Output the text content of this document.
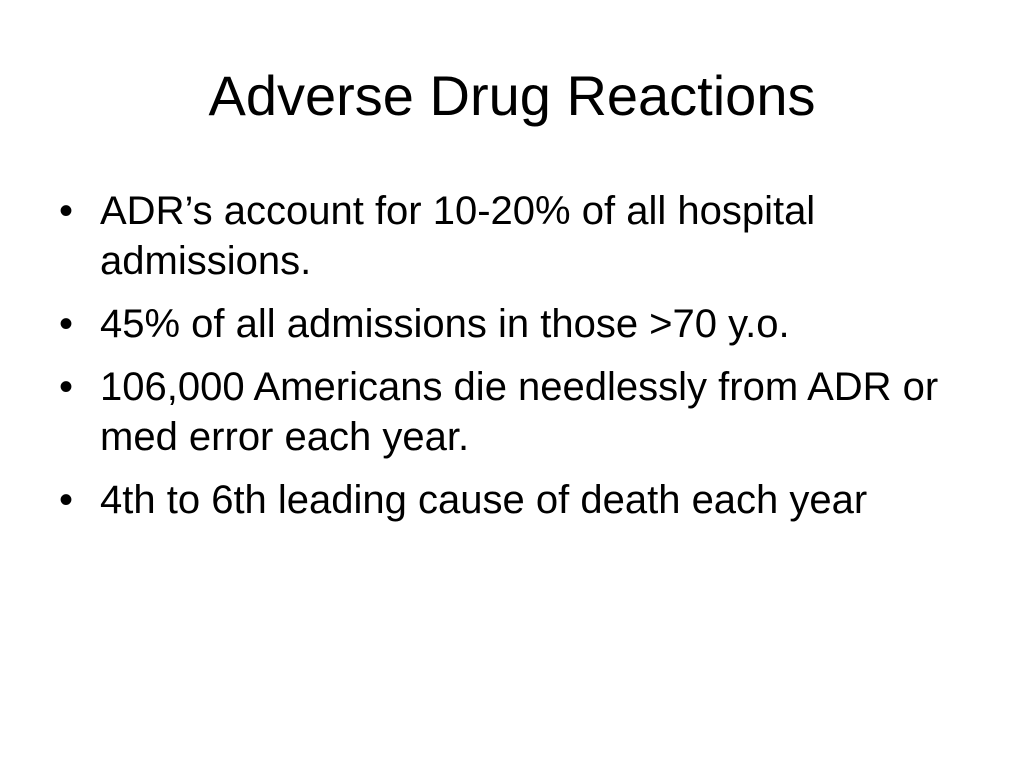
Adverse Drug Reactions
• ADR’s account for 10-20% of all hospital admissions.
• 45% of all admissions in those >70 y.o.
• 106,000 Americans die needlessly from ADR or med error each year.
• 4th to 6th leading cause of death each year
